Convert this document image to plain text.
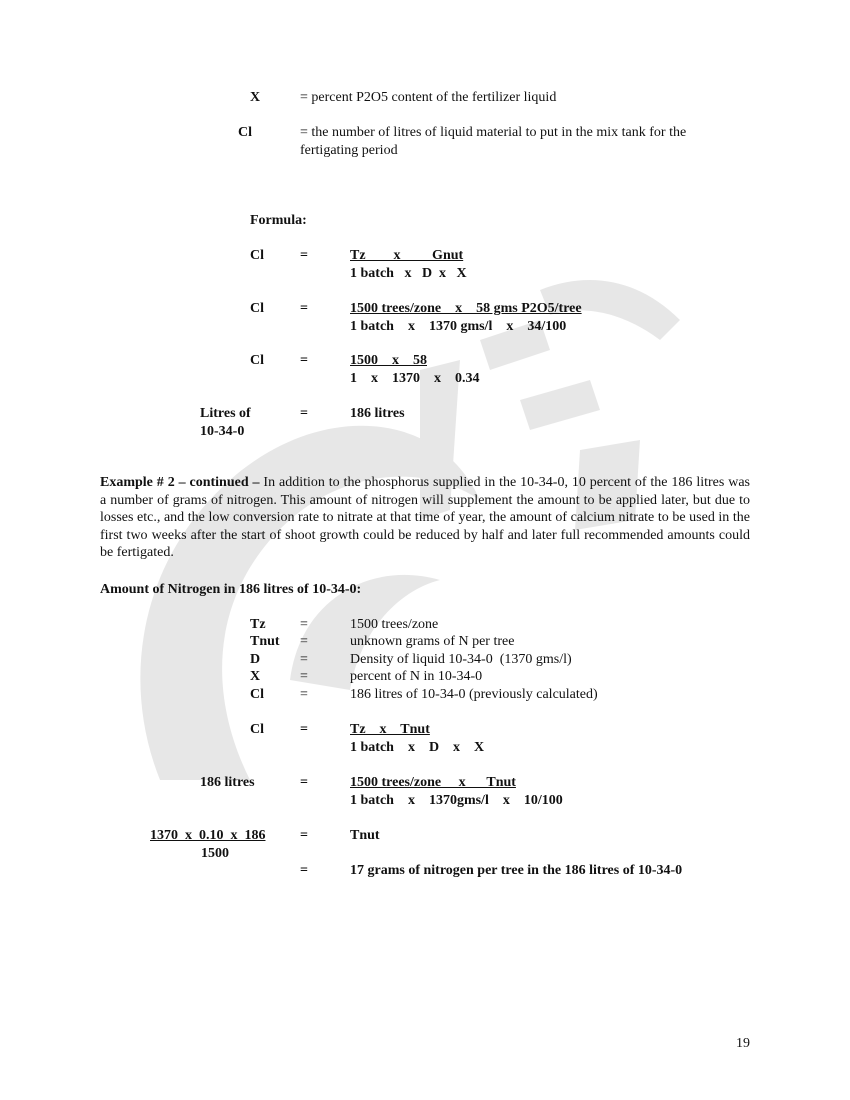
X	= percent P2O5 content of the fertilizer liquid
Cl	= the number of litres of liquid material to put in the mix tank for the
fertigating period
Formula:
Cl	=	Tz        x         Gnut
1 batch   x   D  x   X
Cl	=	1500 trees/zone    x    58 gms P2O5/tree
1 batch    x    1370 gms/l    x    34/100
Cl	=	1500    x    58
1    x    1370    x    0.34
Litres of
10-34-0
=	186 litres
Example # 2 – continued – In addition to the phosphorus supplied in the 10-34-0, 10 percent of the 186 litres was a number of grams of nitrogen. This amount of nitrogen will supplement the amount to be applied later, but due to losses etc., and the low conversion rate to nitrate at that time of year, the amount of calcium nitrate to be used in the first two weeks after the start of shoot growth could be reduced by half and later full recommended amounts could be fertigated.
Amount of Nitrogen in 186 litres of 10-34-0:
Tz =	1500 trees/zone
Tnut =	unknown grams of N per tree
D	=	Density of liquid 10-34-0  (1370 gms/l)
X	=	percent of N in 10-34-0
Cl	=	186 litres of 10-34-0 (previously calculated)
Cl	=	Tz    x    Tnut
1 batch    x    D    x    X
186 litres	=	1500 trees/zone     x      Tnut
1 batch    x    1370gms/l    x    10/100
1370  x  0.10  x  186
1500
=	Tnut
=	17 grams of nitrogen per tree in the 186 litres of 10-34-0
19
